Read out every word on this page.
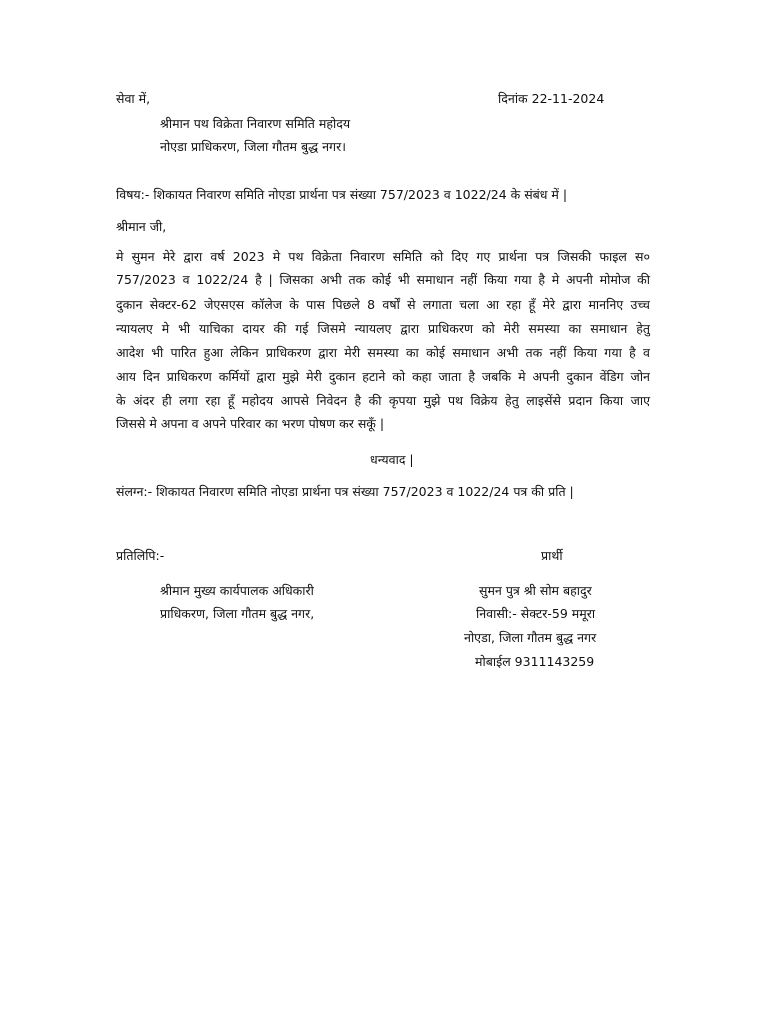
सेवा में,	दिनांक 22-11-2024
श्रीमान पथ विक्रेता निवारण समिति महोदय
नोएडा प्राधिकरण, जिला गौतम बुद्ध नगर।
विषय:- शिकायत निवारण समिति नोएडा प्रार्थना पत्र संख्या 757/2023 व 1022/24 के संबंध में |
श्रीमान जी,
मे सुमन मेरे द्वारा वर्ष 2023 मे पथ विक्रेता निवारण समिति को दिए गए प्रार्थना पत्र जिसकी फाइल स०
757/2023 व 1022/24 है | जिसका अभी तक कोई भी समाधान नहीं किया गया है मे अपनी मोमोज की
दुकान सेक्टर-62 जेएसएस कॉलेज के पास पिछले 8 वर्षों से लगाता चला आ रहा हूँ मेरे द्वारा माननिए उच्च
न्यायलए मे भी याचिका दायर की गई जिसमे न्यायलए द्वारा प्राधिकरण को मेरी समस्या का समाधान हेतु
आदेश भी पारित हुआ लेकिन प्राधिकरण द्वारा मेरी समस्या का कोई समाधान अभी तक नहीं किया गया है व
आय दिन प्राधिकरण कर्मियों द्वारा मुझे मेरी दुकान हटाने को कहा जाता है जबकि मे अपनी दुकान वेंडिग जोन
के अंदर ही लगा रहा हूँ महोदय आपसे निवेदन है की कृपया मुझे पथ विक्रेय हेतु लाइसेंसे प्रदान किया जाए
जिससे मे अपना व अपने परिवार का भरण पोषण कर सकूँ |
धन्यवाद |
संलग्न:- शिकायत निवारण समिति नोएडा प्रार्थना पत्र संख्या 757/2023 व 1022/24 पत्र की प्रति |
प्रतिलिपि:-	प्रार्थी
श्रीमान मुख्य कार्यपालक अधिकारी	सुमन पुत्र श्री सोम बहादुर
प्राधिकरण, जिला गौतम बुद्ध नगर,	निवासी:- सेक्टर-59 ममूरा
नोएडा, जिला गौतम बुद्ध नगर
मोबाईल 9311143259
